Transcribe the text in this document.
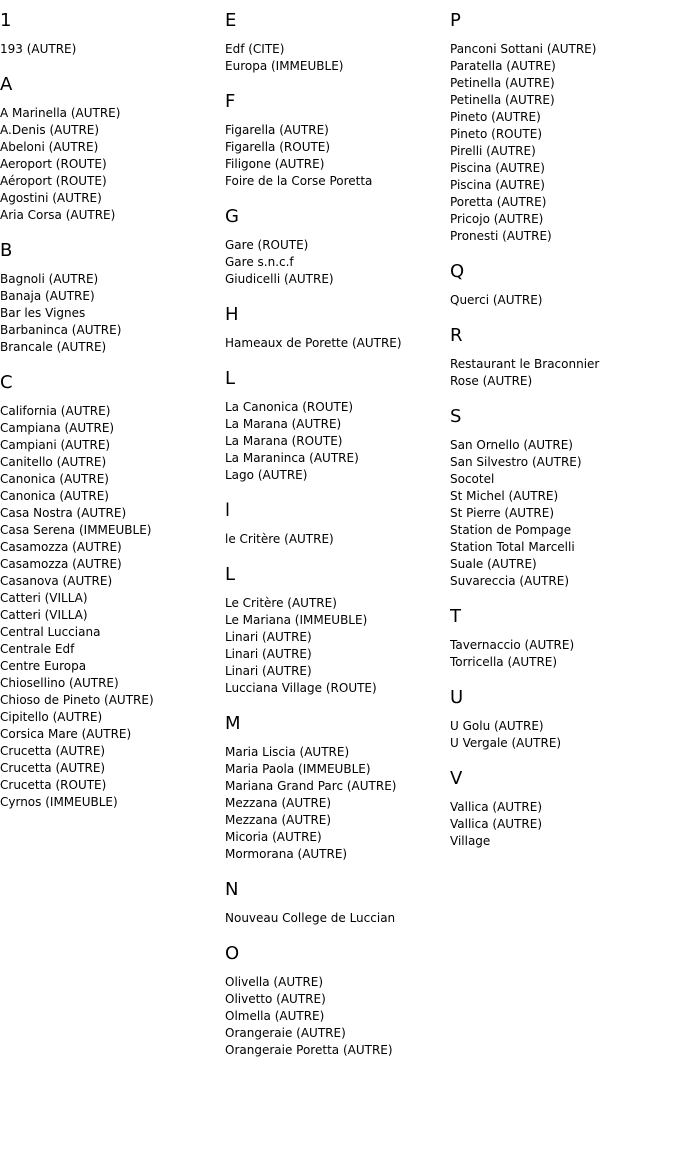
1
193 (AUTRE)
A
A Marinella (AUTRE)
A.Denis (AUTRE)
Abeloni (AUTRE)
Aeroport (ROUTE)
Aéroport (ROUTE)
Agostini (AUTRE)
Aria Corsa (AUTRE)
B
Bagnoli (AUTRE)
Banaja (AUTRE)
Bar les Vignes
Barbaninca (AUTRE)
Brancale (AUTRE)
C
California (AUTRE)
Campiana (AUTRE)
Campiani (AUTRE)
Canitello (AUTRE)
Canonica (AUTRE)
Canonica (AUTRE)
Casa Nostra (AUTRE)
Casa Serena (IMMEUBLE)
Casamozza (AUTRE)
Casamozza (AUTRE)
Casanova (AUTRE)
Catteri (VILLA)
Catteri (VILLA)
Central Lucciana
Centrale Edf
Centre Europa
Chiosellino (AUTRE)
Chioso de Pineto (AUTRE)
Cipitello (AUTRE)
Corsica Mare (AUTRE)
Crucetta (AUTRE)
Crucetta (AUTRE)
Crucetta (ROUTE)
Cyrnos (IMMEUBLE)
E
Edf (CITE)
Europa (IMMEUBLE)
F
Figarella (AUTRE)
Figarella (ROUTE)
Filigone (AUTRE)
Foire de la Corse Poretta
G
Gare (ROUTE)
Gare s.n.c.f
Giudicelli (AUTRE)
H
Hameaux de Porette (AUTRE)
L
La Canonica (ROUTE)
La Marana (AUTRE)
La Marana (ROUTE)
La Maraninca (AUTRE)
Lago (AUTRE)
l
le Critère (AUTRE)
L
Le Critère (AUTRE)
Le Mariana (IMMEUBLE)
Linari (AUTRE)
Linari (AUTRE)
Linari (AUTRE)
Lucciana Village (ROUTE)
M
Maria Liscia (AUTRE)
Maria Paola (IMMEUBLE)
Mariana Grand Parc (AUTRE)
Mezzana (AUTRE)
Mezzana (AUTRE)
Micoria (AUTRE)
Mormorana (AUTRE)
N
Nouveau College de Luccian
O
Olivella (AUTRE)
Olivetto (AUTRE)
Olmella (AUTRE)
Orangeraie (AUTRE)
Orangeraie Poretta (AUTRE)
P
Panconi Sottani (AUTRE)
Paratella (AUTRE)
Petinella (AUTRE)
Petinella (AUTRE)
Pineto (AUTRE)
Pineto (ROUTE)
Pirelli (AUTRE)
Piscina (AUTRE)
Piscina (AUTRE)
Poretta (AUTRE)
Pricojo (AUTRE)
Pronesti (AUTRE)
Q
Querci (AUTRE)
R
Restaurant le Braconnier
Rose (AUTRE)
S
San Ornello (AUTRE)
San Silvestro (AUTRE)
Socotel
St Michel (AUTRE)
St Pierre (AUTRE)
Station de Pompage
Station Total Marcelli
Suale (AUTRE)
Suvareccia (AUTRE)
T
Tavernaccio (AUTRE)
Torricella (AUTRE)
U
U Golu (AUTRE)
U Vergale (AUTRE)
V
Vallica (AUTRE)
Vallica (AUTRE)
Village
